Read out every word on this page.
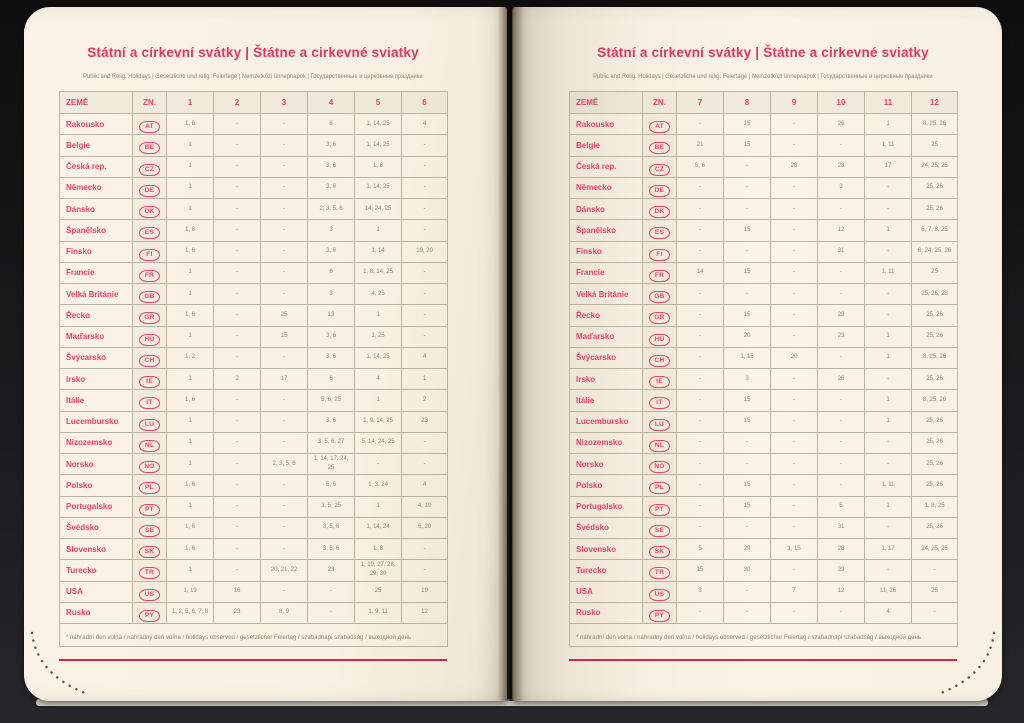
Státní a církevní svátky | Štátne a cirkevné sviatky
Public and Relig. Holidays | Gesetzliche und relig. Feiertage | Nemzetközi ünnepnapok | Государственные и церковные праздники
ZEMĚ	ZN.	1	2	3	4	5	6
Rakousko	AT	1, 6	-	-	6	1, 14, 25	4
Belgie	BE	1	-	-	3, 6	1, 14, 25	-
Česká rep.	CZ	1	-	-	3, 6	1, 8	-
Německo	DE	1	-	-	3, 6	1, 14, 25	-
Dánsko	DK	1	-	-	2, 3, 5, 6	14, 24, 25	-
Španělsko	ES	1, 6	-	-	3	1	-
Finsko	FI	1, 6	-	-	3, 6	1, 14	19, 20
Francie	FR	1	-	-	6	1, 8, 14, 25	-
Velká Británie	GB	1	-	-	3	4, 25	-
Řecko	GR	1, 6	-	25	13	1	-
Maďarsko	HU	1	-	15	3, 6	1, 25	-
Švýcarsko	CH	1, 2	-	-	3, 6	1, 14, 25	4
Irsko	IE	1	2	17	6	4	1
Itálie	IT	1, 6	-	-	5, 6, 25	1	2
Lucembursko	LU	1	-	-	3, 6	1, 9, 14, 25	23
Nizozemsko	NL	1	-	-	3, 5, 6, 27	5, 14, 24, 25	-
Norsko	NO	1	-	2, 3, 5, 6	1, 14, 17, 24, 25	-	-
Polsko	PL	1, 6	-	-	5, 6	1, 3, 24	4
Portugalsko	PT	1	-	-	3, 5, 25	1	4, 10
Švédsko	SE	1, 6	-	-	3, 5, 6	1, 14, 24	6, 20
Slovensko	SK	1, 6	-	-	3, 5, 6	1, 8	-
Turecko	TR	1	-	20, 21, 22	23	1, 19, 27, 28, 29, 30	-
USA	US	1, 19	16	-	-	25	19
Rusko	PY	1, 2, 5, 6, 7, 8	23	8, 9	-	1, 9, 11	12
* náhradní den volna / náhradný deň voľna / holidays observed / gesetzlicher Feiertag / szabadnapi szabadság / выходной день							
Státní a církevní svátky | Štátne a cirkevné sviatky
Public and Relig. Holidays | Gesetzliche und relig. Feiertage | Nemzetközi ünnepnapok | Государственные и церковные праздники
ZEMĚ	ZN.	7	8	9	10	11	12
Rakousko	AT	-	15	-	26	1	8, 25, 26
Belgie	BE	21	15	-	-	1, 11	25
Česká rep.	CZ	5, 6	-	28	28	17	24, 25, 26
Německo	DE	-	-	-	3	-	25, 26
Dánsko	DK	-	-	-	-	-	25, 26
Španělsko	ES	-	15	-	12	1	6, 7, 8, 25
Finsko	FI	-	-	-	31	-	6, 24, 25, 26
Francie	FR	14	15	-	-	1, 11	25
Velká Británie	GB	-	-	-	-	-	25, 26, 28
Řecko	GR	-	15	-	28	-	25, 26
Maďarsko	HU	-	20	-	23	1	25, 26
Švýcarsko	CH	-	1, 15	20	-	1	8, 25, 26
Irsko	IE	-	3	-	26	-	25, 26
Itálie	IT	-	15	-	-	1	8, 25, 26
Lucembursko	LU	-	15	-	-	1	25, 26
Nizozemsko	NL	-	-	-	-	-	25, 26
Norsko	NO	-	-	-	-	-	25, 26
Polsko	PL	-	15	-	-	1, 11	25, 26
Portugalsko	PT	-	15	-	5	1	1, 8, 25
Švédsko	SE	-	-	-	31	-	25, 26
Slovensko	SK	5	29	1, 15	28	1, 17	24, 25, 26
Turecko	TR	15	30	-	29	-	-
USA	US	3	-	7	12	11, 26	25
Rusko	PY	-	-	-	-	4	-
* náhradní den volna / náhradný deň voľna / holidays observed / gesetzlicher Feiertag / szabadnapi szabadság / выходной день							
